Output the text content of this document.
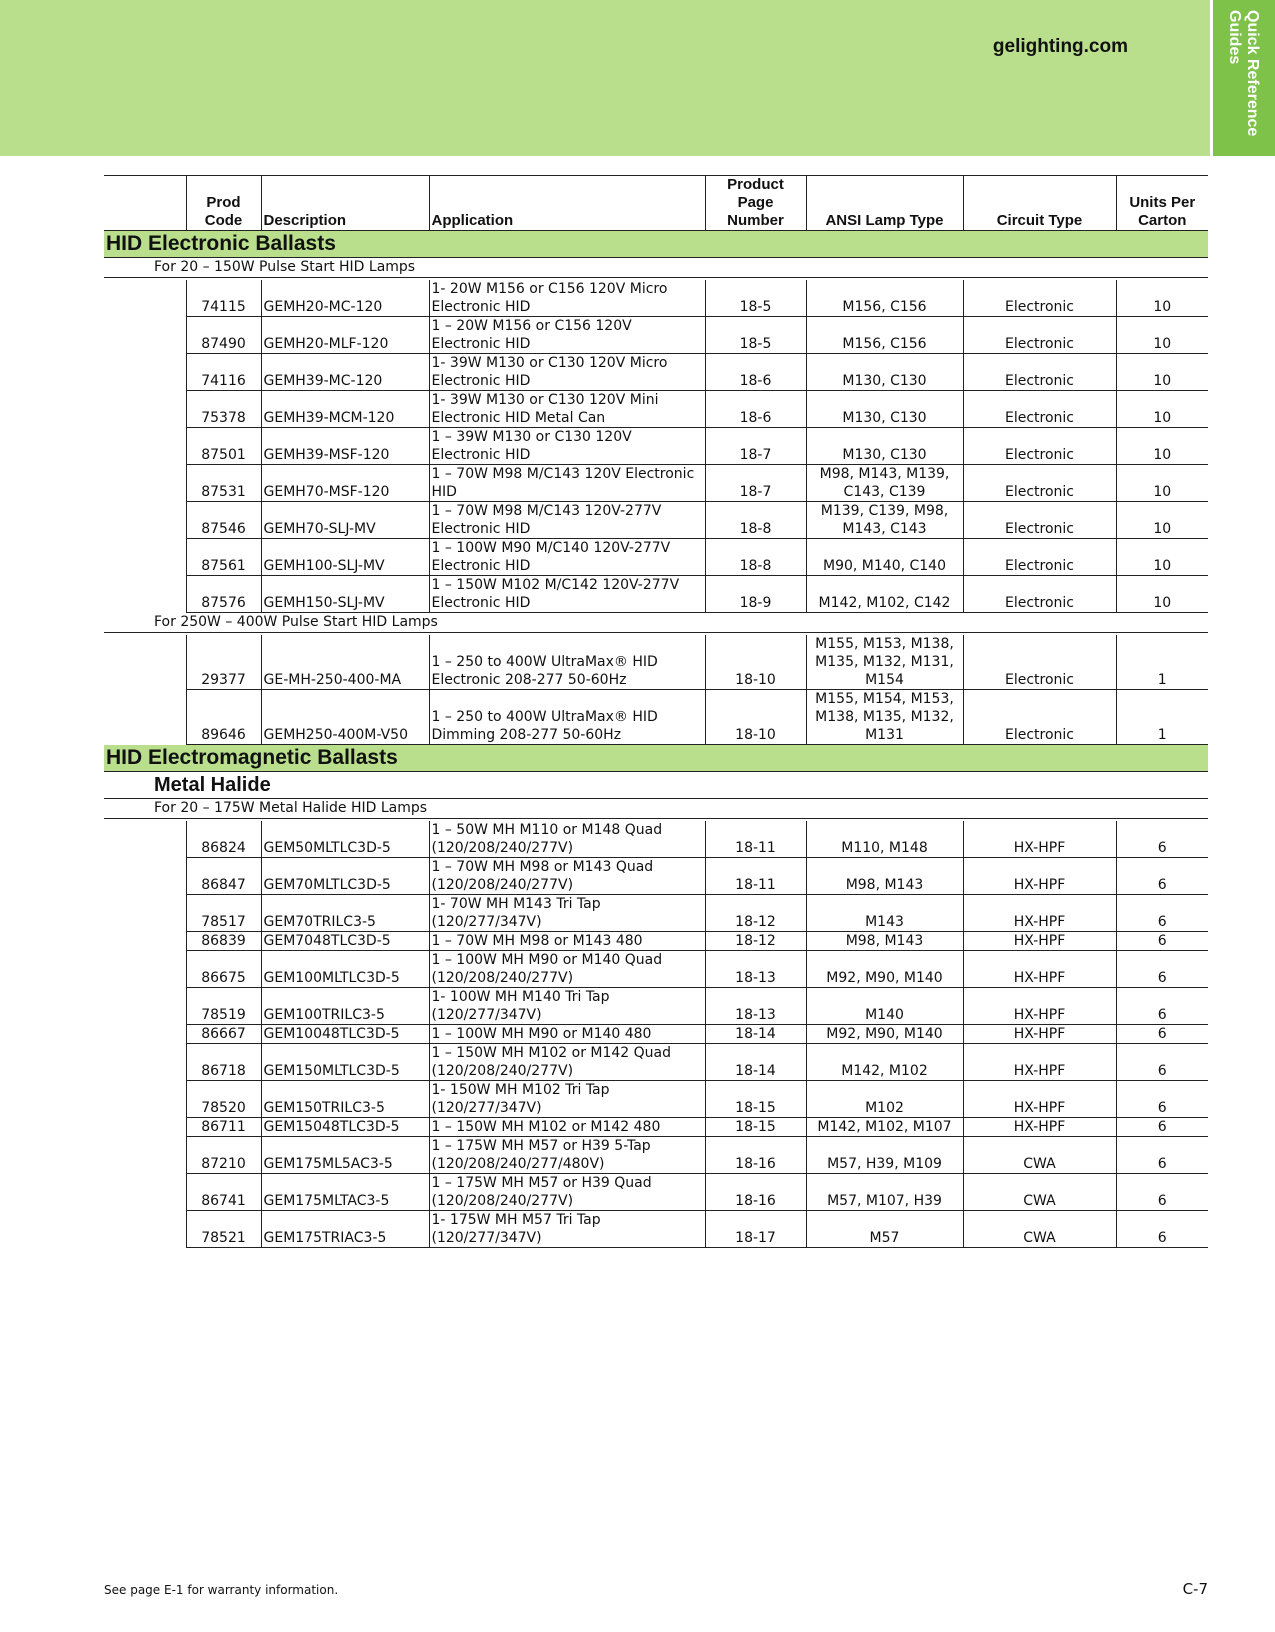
gelighting.com	Quick Reference Guides
	Prod Code	Description	Application	Product Page Number	ANSI Lamp Type	Circuit Type	Units Per Carton
HID Electronic Ballasts							
For 20 – 150W Pulse Start HID Lamps							

	74115	GEMH20-MC-120	1- 20W M156 or C156 120V Micro Electronic HID	18-5	M156, C156	Electronic	10
	87490	GEMH20-MLF-120	1 – 20W M156 or C156 120V Electronic HID	18-5	M156, C156	Electronic	10
	74116	GEMH39-MC-120	1- 39W M130 or C130 120V Micro Electronic HID	18-6	M130, C130	Electronic	10
	75378	GEMH39-MCM-120	1- 39W M130 or C130 120V Mini Electronic HID Metal Can	18-6	M130, C130	Electronic	10
	87501	GEMH39-MSF-120	1 – 39W M130 or C130 120V Electronic HID	18-7	M130, C130	Electronic	10
	87531	GEMH70-MSF-120	1 – 70W M98 M/C143 120V Electronic HID	18-7	M98, M143, M139, C143, C139	Electronic	10
	87546	GEMH70-SLJ-MV	1 – 70W M98 M/C143 120V-277V Electronic HID	18-8	M139, C139, M98, M143, C143	Electronic	10
	87561	GEMH100-SLJ-MV	1 – 100W M90 M/C140 120V-277V Electronic HID	18-8	M90, M140, C140	Electronic	10
	87576	GEMH150-SLJ-MV	1 – 150W M102 M/C142 120V-277V Electronic HID	18-9	M142, M102, C142	Electronic	10
For 250W – 400W Pulse Start HID Lamps							

	29377	GE-MH-250-400-MA	1 – 250 to 400W UltraMax® HID Electronic 208-277 50-60Hz	18-10	M155, M153, M138, M135, M132, M131, M154	Electronic	1
	89646	GEMH250-400M-V50	1 – 250 to 400W UltraMax® HID Dimming 208-277 50-60Hz	18-10	M155, M154, M153, M138, M135, M132, M131	Electronic	1
HID Electromagnetic Ballasts							
Metal Halide							
For 20 – 175W Metal Halide HID Lamps							

	86824	GEM50MLTLC3D-5	1 – 50W MH M110 or M148 Quad (120/208/240/277V)	18-11	M110, M148	HX-HPF	6
	86847	GEM70MLTLC3D-5	1 – 70W MH M98 or M143 Quad (120/208/240/277V)	18-11	M98, M143	HX-HPF	6
	78517	GEM70TRILC3-5	1- 70W MH M143 Tri Tap (120/277/347V)	18-12	M143	HX-HPF	6
	86839	GEM7048TLC3D-5	1 – 70W MH M98 or M143 480	18-12	M98, M143	HX-HPF	6
	86675	GEM100MLTLC3D-5	1 – 100W MH M90 or M140 Quad (120/208/240/277V)	18-13	M92, M90, M140	HX-HPF	6
	78519	GEM100TRILC3-5	1- 100W MH M140 Tri Tap (120/277/347V)	18-13	M140	HX-HPF	6
	86667	GEM10048TLC3D-5	1 – 100W MH M90 or M140 480	18-14	M92, M90, M140	HX-HPF	6
	86718	GEM150MLTLC3D-5	1 – 150W MH M102 or M142 Quad (120/208/240/277V)	18-14	M142, M102	HX-HPF	6
	78520	GEM150TRILC3-5	1- 150W MH M102 Tri Tap (120/277/347V)	18-15	M102	HX-HPF	6
	86711	GEM15048TLC3D-5	1 – 150W MH M102 or M142 480	18-15	M142, M102, M107	HX-HPF	6
	87210	GEM175ML5AC3-5	1 – 175W MH M57 or H39 5-Tap (120/208/240/277/480V)	18-16	M57, H39, M109	CWA	6
	86741	GEM175MLTAC3-5	1 – 175W MH M57 or H39 Quad (120/208/240/277V)	18-16	M57, M107, H39	CWA	6
	78521	GEM175TRIAC3-5	1- 175W MH M57 Tri Tap (120/277/347V)	18-17	M57	CWA	6
See page E-1 for warranty information.	C-7
